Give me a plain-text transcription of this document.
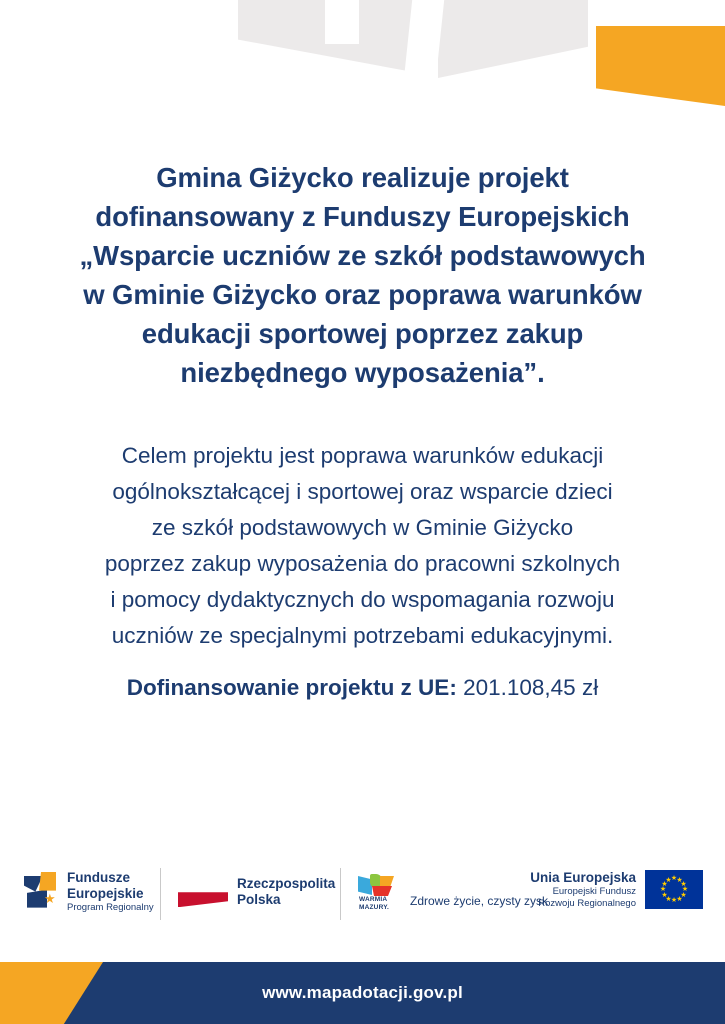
Gmina Giżycko realizuje projekt
dofinansowany z Funduszy Europejskich
„Wsparcie uczniów ze szkół podstawowych
w Gminie Giżycko oraz poprawa warunków
edukacji sportowej poprzez zakup
niezbędnego wyposażenia”.
Celem projektu jest poprawa warunków edukacji
ogólnokształcącej i sportowej oraz wsparcie dzieci
ze szkół podstawowych w Gminie Giżycko
poprzez zakup wyposażenia do pracowni szkolnych
i pomocy dydaktycznych do wspomagania rozwoju
uczniów ze specjalnymi potrzebami edukacyjnymi.
Dofinansowanie projektu z UE: 201.108,45 zł
★
Fundusze
Europejskie
Program Regionalny
Rzeczpospolita
Polska	WARMIA
MAZURY. Zdrowe życie, czysty zysk
Unia Europejska
Europejski Fundusz
Rozwoju Regionalnego
★ ★
★
★
★
★
★
★
★
★
★
★
www.mapadotacji.gov.pl
